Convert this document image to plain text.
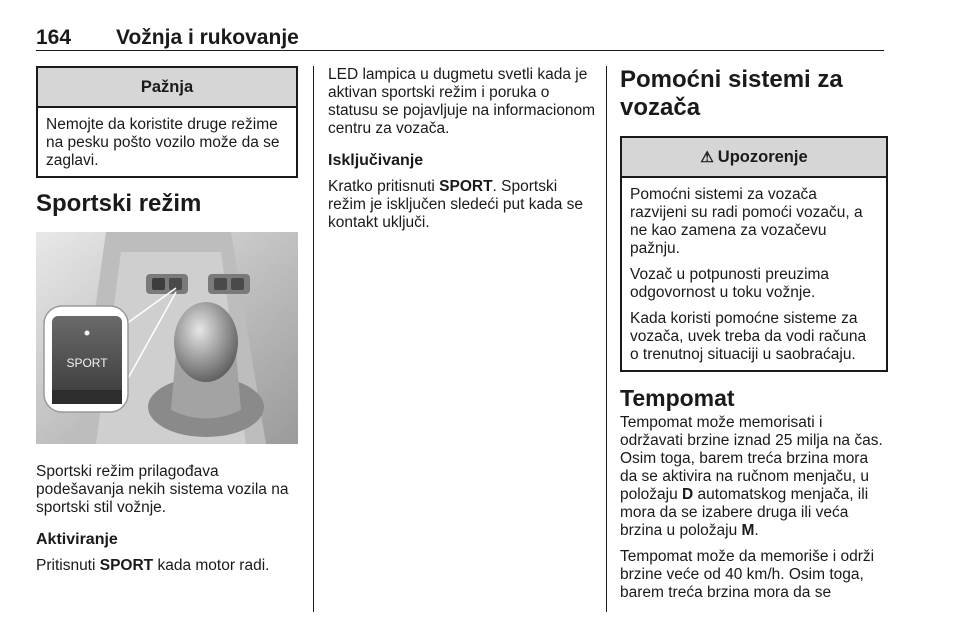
164 Vožnja i rukovanje
Pažnja

Nemojte da koristite druge režime na pesku pošto vozilo može da se zaglavi.

Sportski režim
SPORT

Sportski režim prilagođava podešavanja nekih sistema vozila na sportski stil vožnje.

Aktiviranje

Pritisnuti SPORT kada motor radi.

LED lampica u dugmetu svetli kada je aktivan sportski režim i poruka o statusu se pojavljuje na informacionom centru za vozača.

Isključivanje

Kratko pritisnuti SPORT. Sportski režim je isključen sledeći put kada se kontakt uključi.

Pomoćni sistemi za vozača
⚠ Upozorenje

Pomoćni sistemi za vozača razvijeni su radi pomoći vozaču, a ne kao zamena za vozačevu pažnju.

Vozač u potpunosti preuzima odgovornost u toku vožnje.

Kada koristi pomoćne sisteme za vozača, uvek treba da vodi računa o trenutnoj situaciji u saobraćaju.

Tempomat

Tempomat može memorisati i održavati brzine iznad 25 milja na čas. Osim toga, barem treća brzina mora da se aktivira na ručnom menjaču, u položaju D automatskog menjača, ili mora da se izabere druga ili veća brzina u položaju M.

Tempomat može da memoriše i održi brzine veće od 40 km/h. Osim toga, barem treća brzina mora da se
